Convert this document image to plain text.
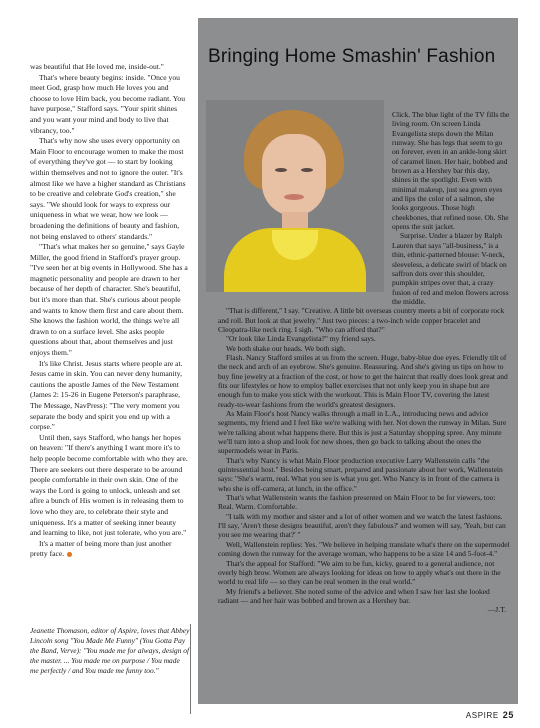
was beautiful that He loved me, inside-out."

That's where beauty begins: inside. "Once you meet God, grasp how much He loves you and choose to love Him back, you become radiant. You have purpose," Stafford says. "Your spirit shines and you want your mind and body to live that vibrancy, too."

That's why now she uses every opportunity on Main Floor to encourage women to make the most of everything they've got — to start by looking within themselves and not to ignore the outer. "It's almost like we have a higher standard as Christians to be creative and celebrate God's creation," she says. "We should look for ways to express our uniqueness in what we wear, how we look — broadening the definitions of beauty and fashion, not being enslaved to others' standards."

"That's what makes her so genuine," says Gayle Miller, the good friend in Stafford's prayer group. "I've seen her at big events in Hollywood. She has a magnetic personality and people are drawn to her because of her depth of character. She's beautiful, but it's more than that. She's curious about people and wants to know them first and care about them. She knows the fashion world, the things we're all drawn to on a surface level. She asks people questions about that, about themselves and just enjoys them."

It's like Christ. Jesus starts where people are at. Jesus came in skin. You can never deny humanity, cautions the apostle James of the New Testament (James 2: 15-26 in Eugene Peterson's paraphrase, The Message, NavPress): "The very moment you separate the body and spirit you end up with a corpse."

Until then, says Stafford, who hangs her hopes on heaven: "If there's anything I want more it's to help people become comfortable with who they are. There are seekers out there desperate to be around people comfortable in their own skin. One of the ways the Lord is going to unlock, unleash and set afire a bunch of His women is in releasing them to love who they are, to celebrate their style and uniqueness. It's a matter of seeking inner beauty and learning to like, not just tolerate, who you are."

It's a matter of being more than just another pretty face.

Jeanette Thomason, editor of Aspire, loves that Abbey Lincoln song "You Made Me Funny" (You Gotta Pay the Band, Verve): "You made me for always, design of the master. ... You made me on purpose / You made me perfectly / and You made me funny too."
Bringing Home Smashin' Fashion

Click. The blue light of the TV fills the living room. On screen Linda Evangelista steps down the Milan runway. She has legs that seem to go on forever, even in an ankle-long skirt of caramel linen. Her hair, bobbed and brown as a Hershey bar this day, shines in the spotlight. Even with minimal makeup, just sea green eyes and lips the color of a salmon, she looks gorgeous. Those high cheekbones, that refined nose. Oh. She opens the suit jacket.

Surprise. Under a blazer by Ralph Lauren that says "all-business," is a thin, ethnic-patterned blouse: V-neck, sleeveless, a delicate swirl of black on saffron dots over this shoulder, pumpkin stripes over that, a crazy fusion of red and melon flowers across the middle.

"That is different," I say. "Creative. A little bit overseas country meets a bit of corporate rock and roll. But look at that jewelry." Just two pieces: a two-inch wide copper bracelet and Cleopatra-like neck ring. I sigh. "Who can afford that?"

"Or look like Linda Evangelista?" my friend says.

We both shake our heads. We both sigh.

Flash. Nancy Stafford smiles at us from the screen. Huge, baby-blue doe eyes. Friendly tilt of the neck and arch of an eyebrow. She's genuine. Reassuring. And she's giving us tips on how to buy fine jewelry at a fraction of the cost, or how to get the haircut that really does look great and fits our lifestyles or how to employ ballet exercises that not only keep you in shape but are enough fun to make you stick with the workout. This is Main Floor TV, covering the latest ready-to-wear fashions from the world's greatest designers.

As Main Floor's host Nancy walks through a mall in L.A., introducing news and advice segments, my friend and I feel like we're walking with her. Not down the runway in Milan. Sure we're talking about what happens there. But this is just a Saturday shopping spree. Any minute we'll turn into a shop and look for new shoes, then go back to talking about the ones the supermodels wear in Paris.

That's why Nancy is what Main Floor production executive Larry Wallenstein calls "the quintessential host." Besides being smart, prepared and passionate about her work, Wallenstein says: "She's warm, real. What you see is what you get. Who Nancy is in front of the camera is who she is off-camera, at lunch, in the office."

That's what Wallenstein wants the fashion presented on Main Floor to be for viewers, too: Real. Warm. Comfortable.

"I talk with my mother and sister and a lot of other women and we watch the latest fashions. I'll say, 'Aren't these designs beautiful, aren't they fabulous?' and women will say, 'Yeah, but can you see me wearing that?' "

Well, Wallenstein replies: Yes. "We believe in helping translate what's there on the supermodel coming down the runway for the average woman, who happens to be a size 14 and 5-foot-4."

That's the appeal for Stafford: "We aim to be fun, kicky, geared to a general audience, not overly high brow. Women are always looking for ideas on how to apply what's out there in the world to real life — so they can be real women in the real world."

My friend's a believer. She noted some of the advice and when I saw her last she looked radiant — and her hair was bobbed and brown as a Hershey bar.

—J.T.

ASPIRE 25
